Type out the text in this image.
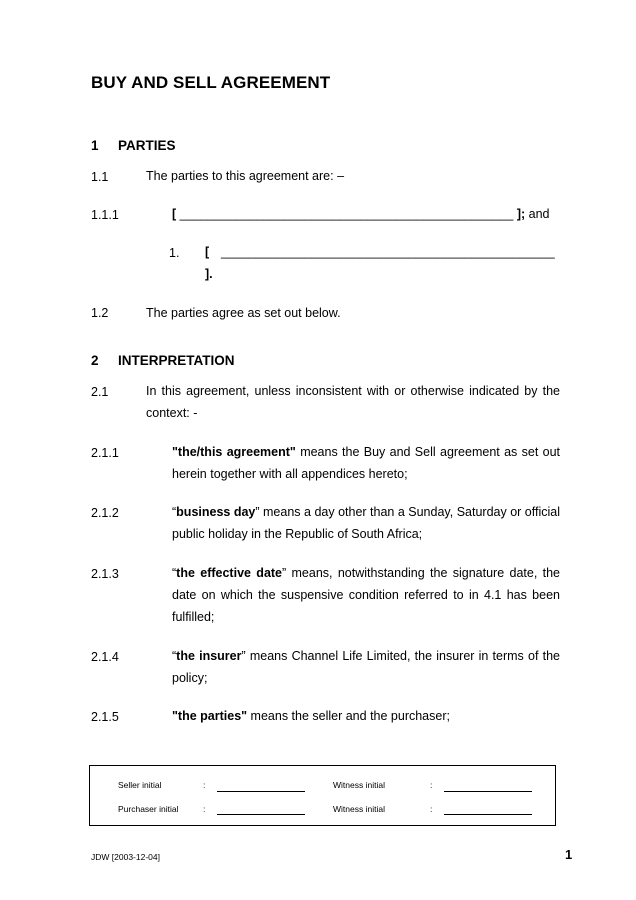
BUY AND SELL AGREEMENT
1 PARTIES
1.1	The parties to this agreement are: –
1.1.1	[ ________________________________________________ ]; and
1. [ ________________________________________________
].
1.2	The parties agree as set out below.
2 INTERPRETATION
2.1	In this agreement, unless inconsistent with or otherwise indicated by the context: -
2.1.1	"the/this agreement" means the Buy and Sell agreement as set out herein together with all appendices hereto;
2.1.2	“business day” means a day other than a Sunday, Saturday or official public holiday in the Republic of South Africa;
2.1.3	“the effective date” means, notwithstanding the signature date, the date on which the suspensive condition referred to in 4.1 has been fulfilled;
2.1.4	“the insurer” means Channel Life Limited, the insurer in terms of the policy;
2.1.5	"the parties" means the seller and the purchaser;
Seller initial	:	Witness initial	:
Purchaser initial	:	Witness initial	:
JDW [2003-12-04]	1
